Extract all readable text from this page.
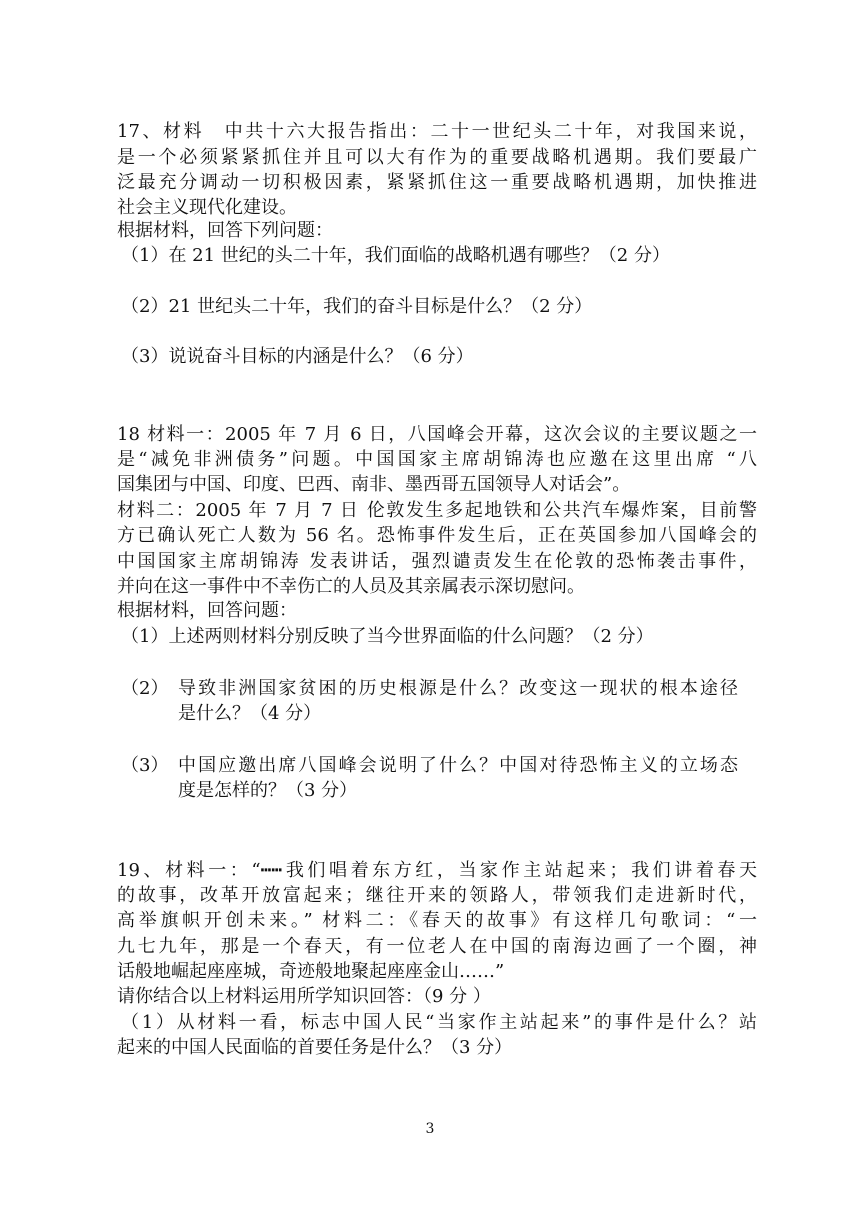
17、材料　中共十六大报告指出：二十一世纪头二十年，对我国来说，
是一个必须紧紧抓住并且可以大有作为的重要战略机遇期。我们要最广
泛最充分调动一切积极因素，紧紧抓住这一重要战略机遇期，加快推进
社会主义现代化建设。
根据材料，回答下列问题：
（1）在 21 世纪的头二十年，我们面临的战略机遇有哪些？（2 分）
（2）21 世纪头二十年，我们的奋斗目标是什么？（2 分）
（3）说说奋斗目标的内涵是什么？（6 分）
18 材料一：2005 年 7 月 6 日，八国峰会开幕，这次会议的主要议题之一
是“减免非洲债务”问题。中国国家主席胡锦涛也应邀在这里出席 “八
国集团与中国、印度、巴西、南非、墨西哥五国领导人对话会”。
材料二：2005 年 7 月 7 日 伦敦发生多起地铁和公共汽车爆炸案，目前警
方已确认死亡人数为 56 名。恐怖事件发生后，正在英国参加八国峰会的
中国国家主席胡锦涛 发表讲话，强烈谴责发生在伦敦的恐怖袭击事件，
并向在这一事件中不幸伤亡的人员及其亲属表示深切慰问。
根据材料，回答问题：
（1）上述两则材料分别反映了当今世界面临的什么问题？（2 分）
（2） 导致非洲国家贫困的历史根源是什么？改变这一现状的根本途径
是什么？（4 分）
（3） 中国应邀出席八国峰会说明了什么？中国对待恐怖主义的立场态
度是怎样的？（3 分）
19、材料一：“┅┅我们唱着东方红，当家作主站起来；我们讲着春天
的故事，改革开放富起来；继往开来的领路人，带领我们走进新时代，
高举旗帜开创未来。” 材料二：《春天的故事》有这样几句歌词：“一
九七九年，那是一个春天，有一位老人在中国的南海边画了一个圈，神
话般地崛起座座城，奇迹般地聚起座座金山……”
请你结合以上材料运用所学知识回答：（9 分 ）
（1）从材料一看，标志中国人民“当家作主站起来”的事件是什么？站
起来的中国人民面临的首要任务是什么？（3 分）
3
